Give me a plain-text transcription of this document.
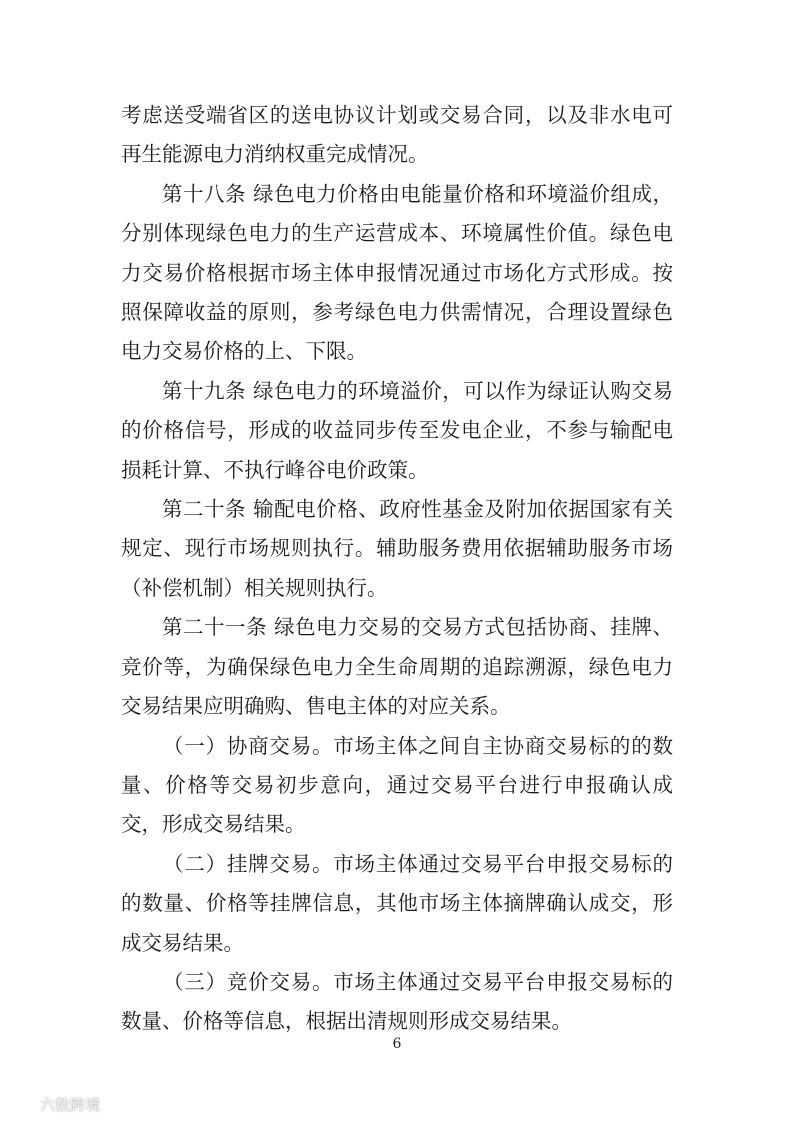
考虑送受端省区的送电协议计划或交易合同，以及非水电可再生能源电力消纳权重完成情况。

第十八条 绿色电力价格由电能量价格和环境溢价组成，分别体现绿色电力的生产运营成本、环境属性价值。绿色电力交易价格根据市场主体申报情况通过市场化方式形成。按照保障收益的原则，参考绿色电力供需情况，合理设置绿色电力交易价格的上、下限。

第十九条 绿色电力的环境溢价，可以作为绿证认购交易的价格信号，形成的收益同步传至发电企业，不参与输配电损耗计算、不执行峰谷电价政策。

第二十条 输配电价格、政府性基金及附加依据国家有关规定、现行市场规则执行。辅助服务费用依据辅助服务市场（补偿机制）相关规则执行。

第二十一条 绿色电力交易的交易方式包括协商、挂牌、竞价等，为确保绿色电力全生命周期的追踪溯源，绿色电力交易结果应明确购、售电主体的对应关系。

（一）协商交易。市场主体之间自主协商交易标的的数量、价格等交易初步意向，通过交易平台进行申报确认成交，形成交易结果。

（二）挂牌交易。市场主体通过交易平台申报交易标的的数量、价格等挂牌信息，其他市场主体摘牌确认成交，形成交易结果。

（三）竞价交易。市场主体通过交易平台申报交易标的数量、价格等信息，根据出清规则形成交易结果。

6
六数跨境
